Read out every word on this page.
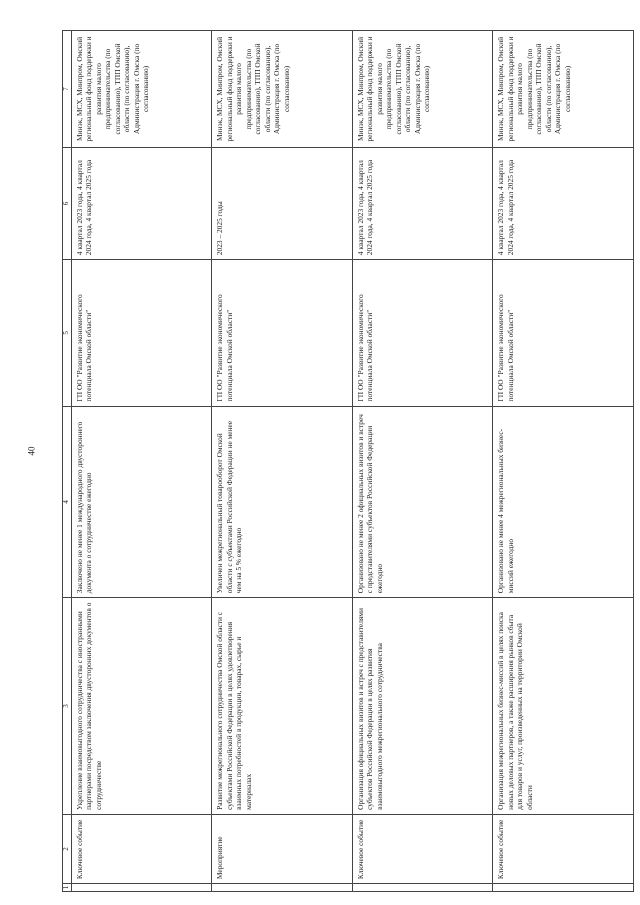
40
1	2	3	4	5	6	7
	Ключевое событие	Укрепление взаимовыгодного сотрудничества с иностранными партнерами посредством заключения двусторонних документов о сотрудничестве	Заключено не менее 1 международного двустороннего документа о сотрудничестве ежегодно	ГП ОО "Развитие экономического потенциала Омской области"	4 квартал 2023 года, 4 квартал 2024 года, 4 квартал 2025 года	Минэк, МСХ, Минпром, Омский региональный фонд поддержки и развития малого предпринимательства (по согласованию), ТПП Омской области (по согласованию), Администрация г. Омска (по согласованию)
	Мероприятие	Развитие межрегионального сотрудничества Омской области с субъектами Российской Федерации в целях удовлетворения взаимных потребностей в продукции, товарах, сырье и материалах	Увеличен межрегиональный товарооборот Омской области с субъектами Российской Федерации не менее чем на 5 % ежегодно	ГП ОО "Развитие экономического потенциала Омской области"	2023 – 2025 годы	Минэк, МСХ, Минпром, Омский региональный фонд поддержки и развития малого предпринимательства (по согласованию), ТПП Омской области (по согласованию), Администрация г. Омска (по согласованию)
	Ключевое событие	Организация официальных визитов и встреч с представителями субъектов Российской Федерации в целях развития взаимовыгодного межрегионального сотрудничества	Организовано не менее 2 официальных визитов и встреч с представителями субъектов Российской Федерации ежегодно	ГП ОО "Развитие экономического потенциала Омской области"	4 квартал 2023 года, 4 квартал 2024 года, 4 квартал 2025 года	Минэк, МСХ, Минпром, Омский региональный фонд поддержки и развития малого предпринимательства (по согласованию), ТПП Омской области (по согласованию), Администрация г. Омска (по согласованию)
	Ключевое событие	Организация межрегиональных бизнес-миссий в целях поиска новых деловых партнеров, а также расширения рынков сбыта для товаров и услуг, произведенных на территории Омской области	Организовано не менее 4 межрегиональных бизнес-миссий ежегодно	ГП ОО "Развитие экономического потенциала Омской области"	4 квартал 2023 года, 4 квартал 2024 года, 4 квартал 2025 года	Минэк, МСХ, Минпром, Омский региональный фонд поддержки и развития малого предпринимательства (по согласованию), ТПП Омской области (по согласованию), Администрация г. Омска (по согласованию)
